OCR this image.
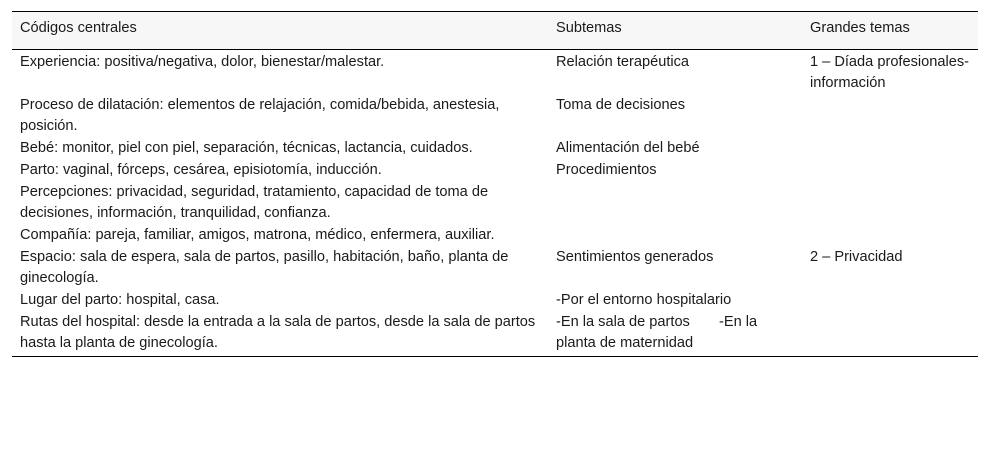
Códigos centrales	Subtemas	Grandes temas
Experiencia: positiva/negativa, dolor, bienestar/malestar.	Relación terapéutica	1 – Díada profesionales-información
Proceso de dilatación: elementos de relajación, comida/bebida, anestesia, posición.	Toma de decisiones	
Bebé: monitor, piel con piel, separación, técnicas, lactancia, cuidados.	Alimentación del bebé	
Parto: vaginal, fórceps, cesárea, episiotomía, inducción.	Procedimientos	
Percepciones: privacidad, seguridad, tratamiento, capacidad de toma de decisiones, información, tranquilidad, confianza.		
Compañía: pareja, familiar, amigos, matrona, médico, enfermera, auxiliar.		
Espacio: sala de espera, sala de partos, pasillo, habitación, baño, planta de ginecología.	Sentimientos generados	2 – Privacidad
Lugar del parto: hospital, casa.	-Por el entorno hospitalario	
Rutas del hospital: desde la entrada a la sala de partos, desde la sala de partos hasta la planta de ginecología.	-En la sala de partos  -En la planta de maternidad	
